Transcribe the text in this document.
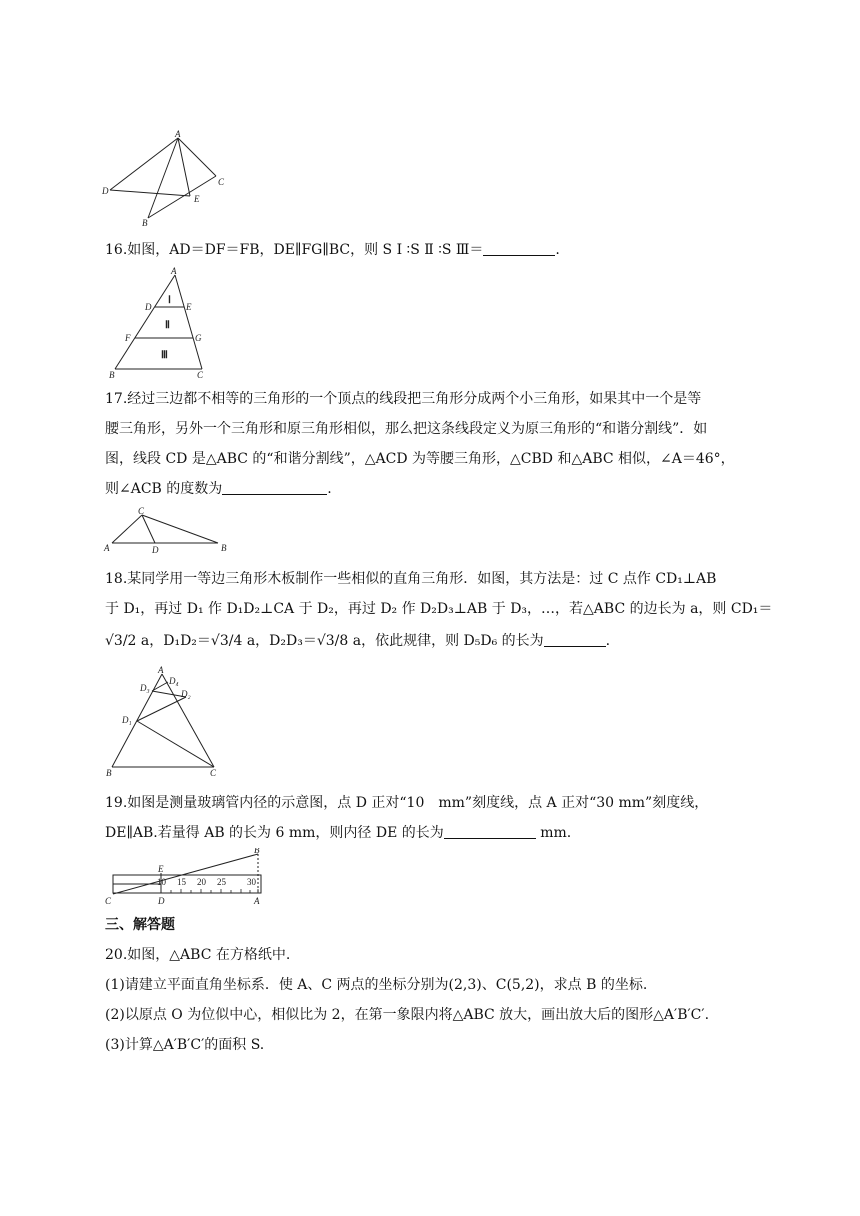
A
D
C
E
B
16.如图，AD＝DF＝FB，DE∥FG∥BC，则 S Ⅰ ∶S Ⅱ ∶S Ⅲ＝	.
A
D	E
F	G
B	C
Ⅰ
Ⅱ
Ⅲ
17.经过三边都不相等的三角形的一个顶点的线段把三角形分成两个小三角形，如果其中一个是等
腰三角形，另外一个三角形和原三角形相似，那么把这条线段定义为原三角形的“和谐分割线”．如
图，线段 CD 是△ABC 的“和谐分割线”，△ACD 为等腰三角形，△CBD 和△ABC 相似，∠A＝46°，
则∠ACB 的度数为	.
C
A	D	B
18.某同学用一等边三角形木板制作一些相似的直角三角形．如图，其方法是：过 C 点作 CD₁⊥AB
于 D₁，再过 D₁ 作 D₁D₂⊥CA 于 D₂，再过 D₂ 作 D₂D₃⊥AB 于 D₃，…，若△ABC 的边长为 a，则 CD₁＝
√3/2 a，D₁D₂＝√3/4 a，D₂D₃＝√3/8 a，依此规律，则 D₅D₆ 的长为	.
A
D₃
D₄
D₂
D₁
B	C
19.如图是测量玻璃管内径的示意图，点 D 正对“10　mm”刻度线，点 A 正对“30 mm”刻度线，
DE∥AB.若量得 AB 的长为 6 mm，则内径 DE 的长为	mm.
E
B
C	D	A
10 15 20 25 30
三、解答题
20.如图，△ABC 在方格纸中.
(1)请建立平面直角坐标系．使 A、C 两点的坐标分别为(2,3)、C(5,2)，求点 B 的坐标.
(2)以原点 O 为位似中心，相似比为 2，在第一象限内将△ABC 放大，画出放大后的图形△A′B′C′.
(3)计算△A′B′C′的面积 S.
